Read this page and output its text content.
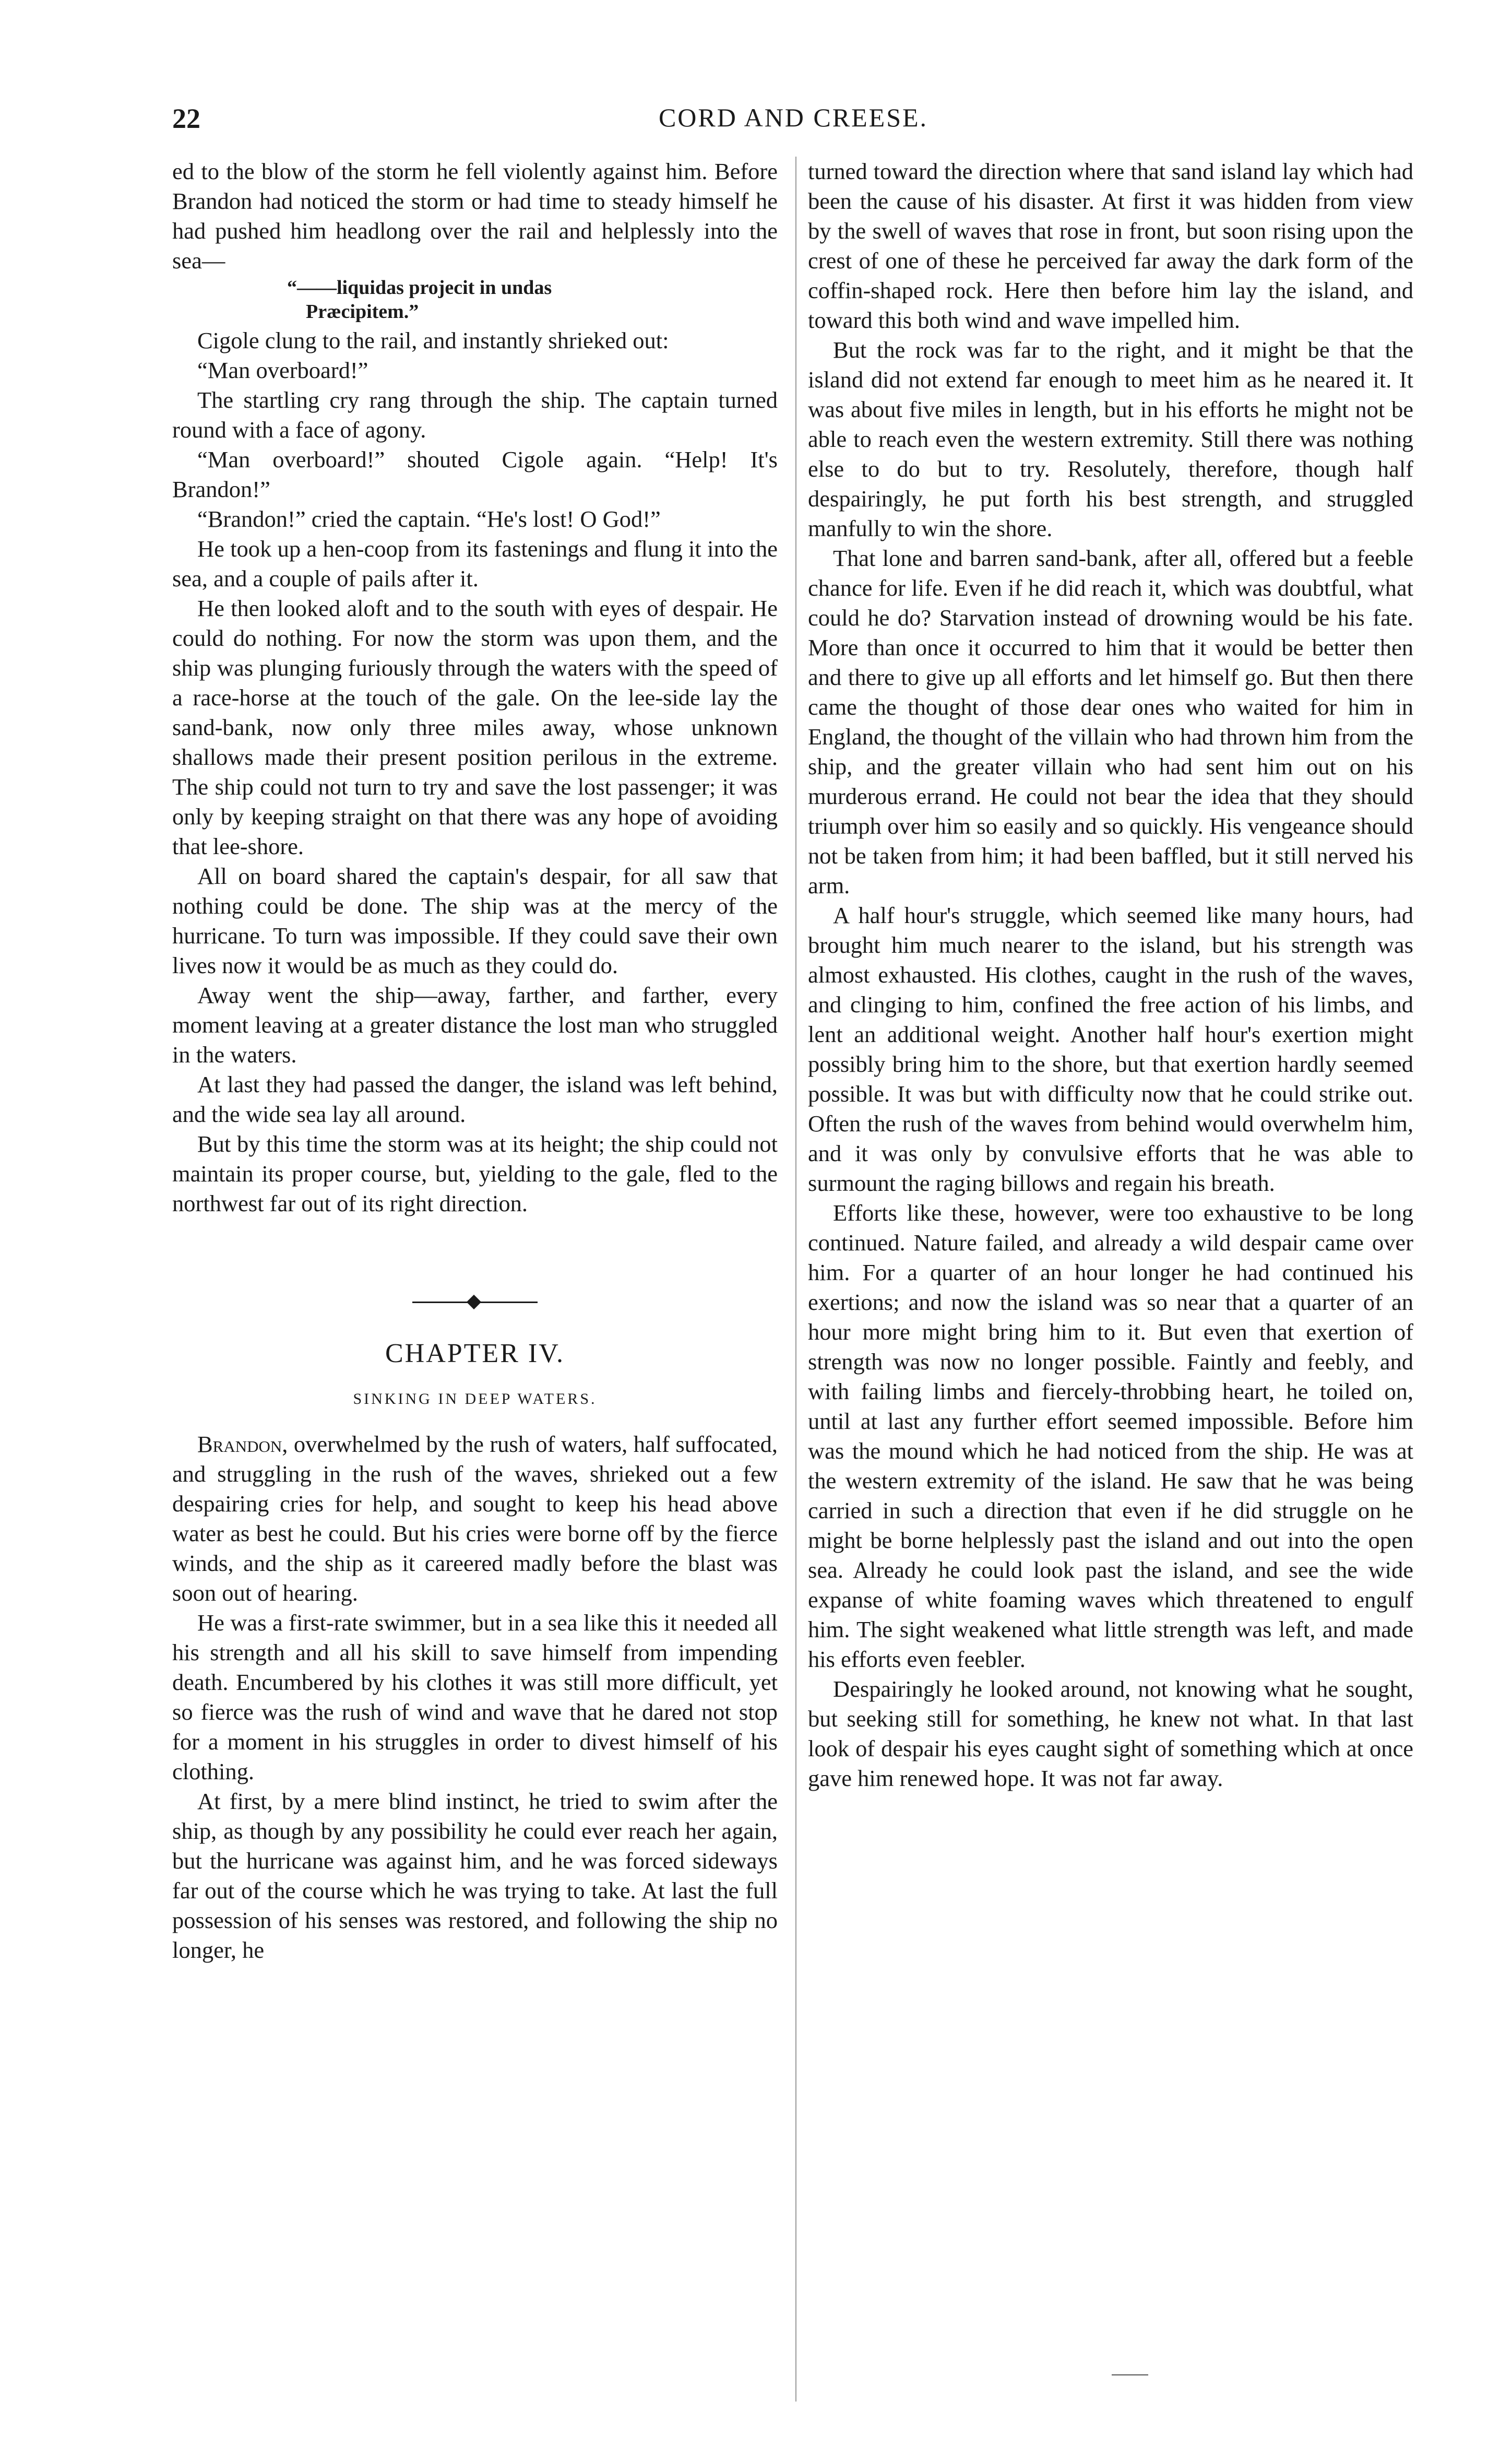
22	CORD AND CREESE.

ed to the blow of the storm he fell violently against him. Before Brandon had noticed the storm or had time to steady himself he had pushed him headlong over the rail and helplessly into the sea—

“——liquidas projecit in undas
Præcipitem.”

Cigole clung to the rail, and instantly shrieked out:

“Man overboard!”

The startling cry rang through the ship. The captain turned round with a face of agony.

“Man overboard!” shouted Cigole again. “Help! It's Brandon!”

“Brandon!” cried the captain. “He's lost! O God!”

He took up a hen-coop from its fastenings and flung it into the sea, and a couple of pails after it.

He then looked aloft and to the south with eyes of despair. He could do nothing. For now the storm was upon them, and the ship was plunging furiously through the waters with the speed of a race-horse at the touch of the gale. On the lee-side lay the sand-bank, now only three miles away, whose unknown shallows made their present position perilous in the extreme. The ship could not turn to try and save the lost passenger; it was only by keeping straight on that there was any hope of avoiding that lee-shore.

All on board shared the captain's despair, for all saw that nothing could be done. The ship was at the mercy of the hurricane. To turn was impossible. If they could save their own lives now it would be as much as they could do.

Away went the ship—away, farther, and farther, every moment leaving at a greater distance the lost man who struggled in the waters.

At last they had passed the danger, the island was left behind, and the wide sea lay all around.

But by this time the storm was at its height; the ship could not maintain its proper course, but, yielding to the gale, fled to the northwest far out of its right direction.

CHAPTER IV.
SINKING IN DEEP WATERS.

Brandon, overwhelmed by the rush of waters, half suffocated, and struggling in the rush of the waves, shrieked out a few despairing cries for help, and sought to keep his head above water as best he could. But his cries were borne off by the fierce winds, and the ship as it careered madly before the blast was soon out of hearing.

He was a first-rate swimmer, but in a sea like this it needed all his strength and all his skill to save himself from impending death. Encumbered by his clothes it was still more difficult, yet so fierce was the rush of wind and wave that he dared not stop for a moment in his struggles in order to divest himself of his clothing.

At first, by a mere blind instinct, he tried to swim after the ship, as though by any possibility he could ever reach her again, but the hurricane was against him, and he was forced sideways far out of the course which he was trying to take. At last the full possession of his senses was restored, and following the ship no longer, he

turned toward the direction where that sand island lay which had been the cause of his disaster. At first it was hidden from view by the swell of waves that rose in front, but soon rising upon the crest of one of these he perceived far away the dark form of the coffin-shaped rock. Here then before him lay the island, and toward this both wind and wave impelled him.

But the rock was far to the right, and it might be that the island did not extend far enough to meet him as he neared it. It was about five miles in length, but in his efforts he might not be able to reach even the western extremity. Still there was nothing else to do but to try. Resolutely, therefore, though half despairingly, he put forth his best strength, and struggled manfully to win the shore.

That lone and barren sand-bank, after all, offered but a feeble chance for life. Even if he did reach it, which was doubtful, what could he do? Starvation instead of drowning would be his fate. More than once it occurred to him that it would be better then and there to give up all efforts and let himself go. But then there came the thought of those dear ones who waited for him in England, the thought of the villain who had thrown him from the ship, and the greater villain who had sent him out on his murderous errand. He could not bear the idea that they should triumph over him so easily and so quickly. His vengeance should not be taken from him; it had been baffled, but it still nerved his arm.

A half hour's struggle, which seemed like many hours, had brought him much nearer to the island, but his strength was almost exhausted. His clothes, caught in the rush of the waves, and clinging to him, confined the free action of his limbs, and lent an additional weight. Another half hour's exertion might possibly bring him to the shore, but that exertion hardly seemed possible. It was but with difficulty now that he could strike out. Often the rush of the waves from behind would overwhelm him, and it was only by convulsive efforts that he was able to surmount the raging billows and regain his breath.

Efforts like these, however, were too exhaustive to be long continued. Nature failed, and already a wild despair came over him. For a quarter of an hour longer he had continued his exertions; and now the island was so near that a quarter of an hour more might bring him to it. But even that exertion of strength was now no longer possible. Faintly and feebly, and with failing limbs and fiercely-throbbing heart, he toiled on, until at last any further effort seemed impossible. Before him was the mound which he had noticed from the ship. He was at the western extremity of the island. He saw that he was being carried in such a direction that even if he did struggle on he might be borne helplessly past the island and out into the open sea. Already he could look past the island, and see the wide expanse of white foaming waves which threatened to engulf him. The sight weakened what little strength was left, and made his efforts even feebler.

Despairingly he looked around, not knowing what he sought, but seeking still for something, he knew not what. In that last look of despair his eyes caught sight of something which at once gave him renewed hope. It was not far away.
